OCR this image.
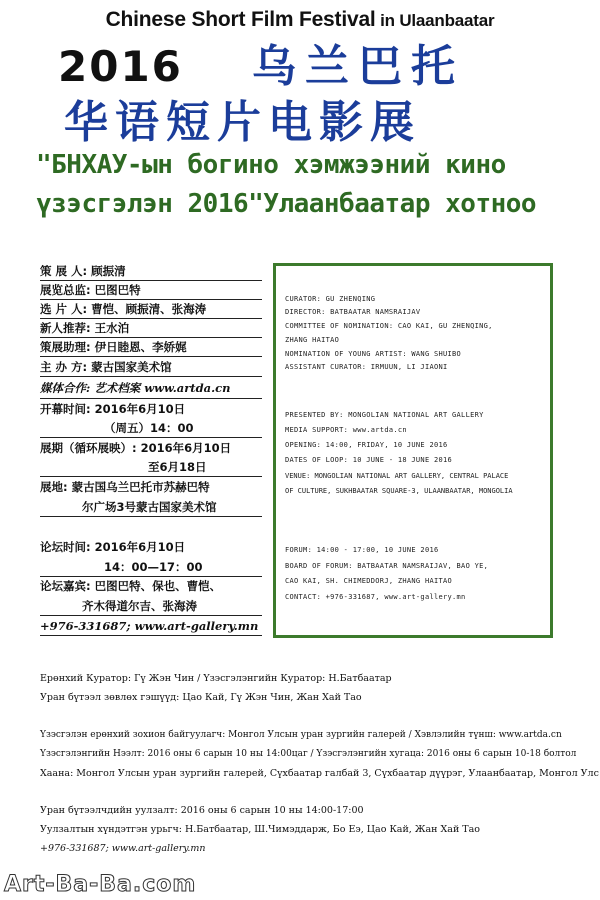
Chinese Short Film Festival in Ulaanbaatar
2016 乌兰巴托
华语短片电影展
"БНХАУ-ын богино хэмжээний кино
үзэсгэлэн 2016"Улаанбаатар хотноо
策 展 人: 顾振清
展览总监: 巴图巴特
选 片 人: 曹恺、顾振清、张海涛
新人推荐: 王水泊
策展助理: 伊日睦恩、李娇娓
主 办 方: 蒙古国家美术馆
媒体合作: 艺术档案 www.artda.cn
开幕时间: 2016年6月10日
（周五）14：00
展期（循环展映）: 2016年6月10日
至6月18日
展地: 蒙古国乌兰巴托市苏赫巴特
尔广场3号蒙古国家美术馆
论坛时间: 2016年6月10日
14：00—17：00
论坛嘉宾: 巴图巴特、保也、曹恺、
齐木得道尔吉、张海涛
+976-331687; www.art-gallery.mn
CURATOR: GU ZHENQING
DIRECTOR: BATBAATAR NAMSRAIJAV
COMMITTEE OF NOMINATION: CAO KAI, GU ZHENQING,
ZHANG HAITAO
NOMINATION OF YOUNG ARTIST: WANG SHUIBO
ASSISTANT CURATOR: IRMUUN, LI JIAONI
PRESENTED BY: MONGOLIAN NATIONAL ART GALLERY
MEDIA SUPPORT: www.artda.cn
OPENING: 14:00, FRIDAY, 10 JUNE 2016
DATES OF LOOP: 10 JUNE - 18 JUNE 2016
VENUE: MONGOLIAN NATIONAL ART GALLERY, CENTRAL PALACE
OF CULTURE, SUKHBAATAR SQUARE-3, ULAANBAATAR, MONGOLIA
FORUM: 14:00 - 17:00, 10 JUNE 2016
BOARD OF FORUM: BATBAATAR NAMSRAIJAV, BAO YE,
CAO KAI, SH. CHIMEDDORJ, ZHANG HAITAO
CONTACT: +976-331687, www.art-gallery.mn
Ерөнхий Куратор: Гү Жэн Чин / Үзэсгэлэнгийн Куратор: Н.Батбаатар
Уран бүтээл зөвлөх гэшүүд: Цао Кай, Гү Жэн Чин, Жан Хай Тао
Үзэсгэлэн ерөнхий зохион байгуулагч: Монгол Улсын уран зургийн галерей / Хэвлэлийн түнш: www.artda.cn
Үзэсгэлэнгийн Нээлт: 2016 оны 6 сарын 10 ны 14:00цаг / Үзэсгэлэнгийн хугаца: 2016 оны 6 сарын 10-18 болтол
Хаана: Монгол Улсын уран зургийн галерей, Сүхбаатар галбай 3, Сүхбаатар дүүрэг, Улаанбаатар, Монгол Улс
Уран бүтээлчдийн уулзалт: 2016 оны 6 сарын 10 ны 14:00-17:00
Уулзалтын хүндэтгэн урьгч: Н.Батбаатар, Ш.Чимэддарж, Бо Еэ, Цао Кай, Жан Хай Тао
+976-331687; www.art-gallery.mn
Art-Ba-Ba.com
